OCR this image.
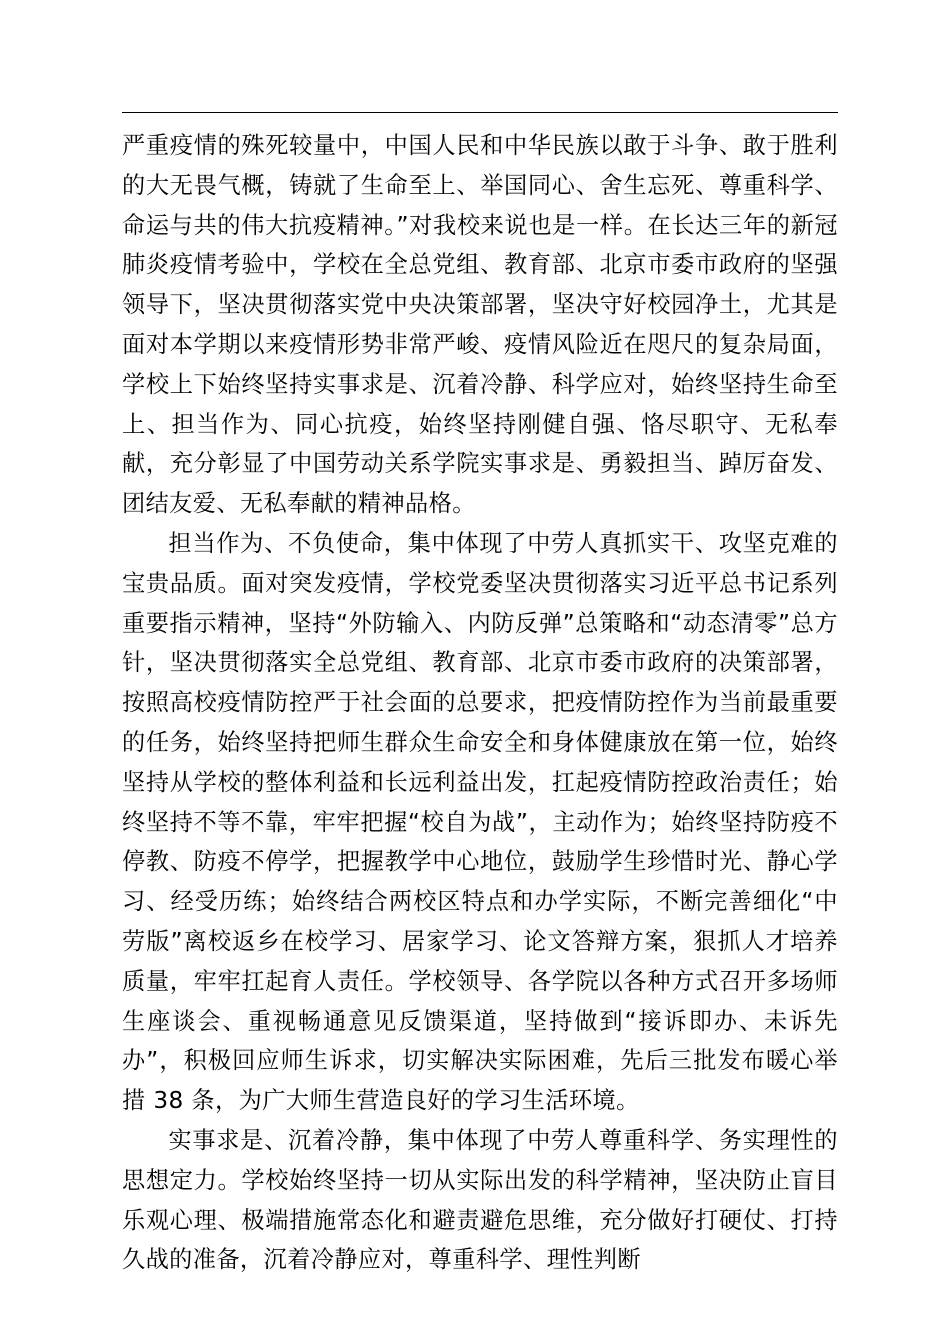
严重疫情的殊死较量中，中国人民和中华民族以敢于斗争、敢于胜利的大无畏气概，铸就了生命至上、举国同心、舍生忘死、尊重科学、命运与共的伟大抗疫精神。”对我校来说也是一样。在长达三年的新冠肺炎疫情考验中，学校在全总党组、教育部、北京市委市政府的坚强领导下，坚决贯彻落实党中央决策部署，坚决守好校园净土，尤其是面对本学期以来疫情形势非常严峻、疫情风险近在咫尺的复杂局面，学校上下始终坚持实事求是、沉着冷静、科学应对，始终坚持生命至上、担当作为、同心抗疫，始终坚持刚健自强、恪尽职守、无私奉献，充分彰显了中国劳动关系学院实事求是、勇毅担当、踔厉奋发、团结友爱、无私奉献的精神品格。

担当作为、不负使命，集中体现了中劳人真抓实干、攻坚克难的宝贵品质。面对突发疫情，学校党委坚决贯彻落实习近平总书记系列重要指示精神，坚持“外防输入、内防反弹”总策略和“动态清零”总方针，坚决贯彻落实全总党组、教育部、北京市委市政府的决策部署，按照高校疫情防控严于社会面的总要求，把疫情防控作为当前最重要的任务，始终坚持把师生群众生命安全和身体健康放在第一位，始终坚持从学校的整体利益和长远利益出发，扛起疫情防控政治责任；始终坚持不等不靠，牢牢把握“校自为战”，主动作为；始终坚持防疫不停教、防疫不停学，把握教学中心地位，鼓励学生珍惜时光、静心学习、经受历练；始终结合两校区特点和办学实际，不断完善细化“中劳版”离校返乡在校学习、居家学习、论文答辩方案，狠抓人才培养质量，牢牢扛起育人责任。学校领导、各学院以各种方式召开多场师生座谈会、重视畅通意见反馈渠道，坚持做到“接诉即办、未诉先办”，积极回应师生诉求，切实解决实际困难，先后三批发布暖心举措 38 条，为广大师生营造良好的学习生活环境。

实事求是、沉着冷静，集中体现了中劳人尊重科学、务实理性的思想定力。学校始终坚持一切从实际出发的科学精神，坚决防止盲目乐观心理、极端措施常态化和避责避危思维，充分做好打硬仗、打持久战的准备，沉着冷静应对，尊重科学、理性判断
